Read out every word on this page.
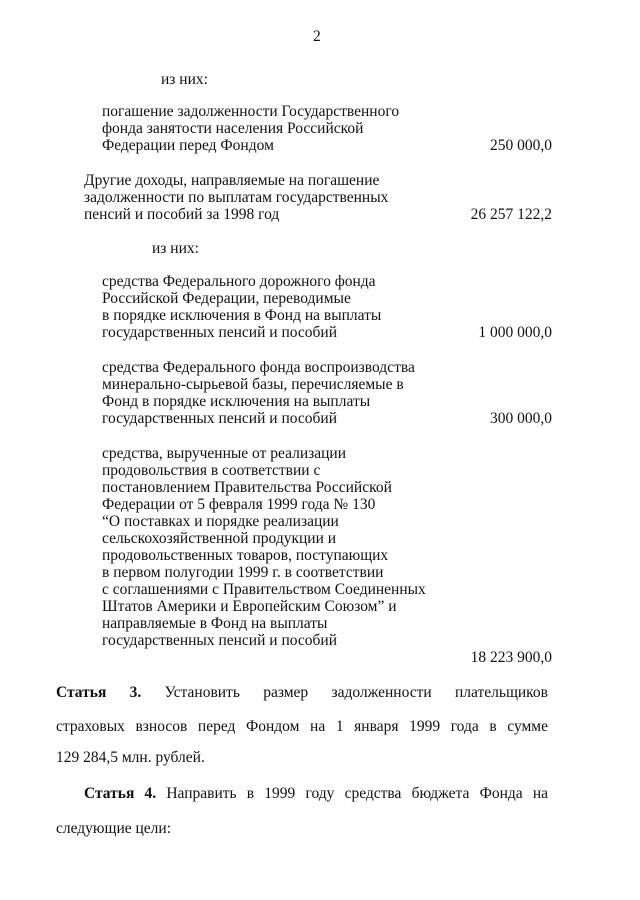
2
из них:
погашение задолженности Государственного
фонда занятости населения Российской
Федерации перед Фондом	250 000,0
Другие доходы, направляемые на погашение
задолженности по выплатам государственных
пенсий и пособий за 1998 год	26 257 122,2
из них:
средства Федерального дорожного фонда
Российской Федерации, переводимые
в порядке исключения в Фонд на выплаты
государственных пенсий и пособий	1 000 000,0
средства Федерального фонда воспроизводства
минерально-сырьевой базы, перечисляемые в
Фонд в порядке исключения на выплаты
государственных пенсий и пособий	300 000,0
средства, вырученные от реализации
продовольствия в соответствии с
постановлением Правительства Российской
Федерации от 5 февраля 1999 года № 130
“О поставках и порядке реализации
сельскохозяйственной продукции и
продовольственных товаров, поступающих
в первом полугодии 1999 г. в соответствии
с соглашениями с Правительством Соединенных
Штатов Америки и Европейским Союзом” и
направляемые в Фонд на выплаты
государственных пенсий и пособий
18 223 900,0
Статья 3. Установить размер задолженности плательщиков
страховых взносов перед Фондом на 1 января 1999 года в сумме
129 284,5 млн. рублей.
Статья 4. Направить в 1999 году средства бюджета Фонда на
следующие цели:
